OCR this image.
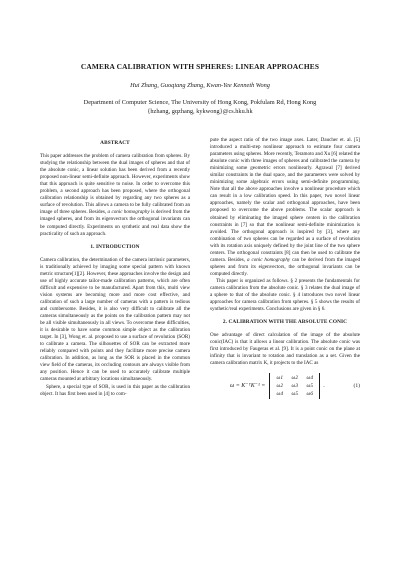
CAMERA CALIBRATION WITH SPHERES: LINEAR APPROACHES
Hui Zhang, Guoqiang Zhang, Kwan-Yee Kenneth Wong
Department of Computer Science, The University of Hong Kong, Pokfulam Rd, Hong Kong
{hzhang, gqzhang, kykwong}@cs.hku.hk
ABSTRACT

This paper addresses the problem of camera calibration from spheres. By studying the relationship between the dual images of spheres and that of the absolute conic, a linear solution has been derived from a recently proposed non-linear semi-definite approach. However, experiments show that this approach is quite sensitive to noise. In order to overcome this problem, a second approach has been proposed, where the orthogonal calibration relationship is obtained by regarding any two spheres as a surface of revolution. This allows a camera to be fully calibrated from an image of three spheres. Besides, a conic homography is derived from the imaged spheres, and from its eigenvectors the orthogonal invariants can be computed directly. Experiments on synthetic and real data show the practicality of such an approach.

1. INTRODUCTION

Camera calibration, the determination of the camera intrinsic parameters, is traditionally achieved by imaging some special pattern with known metric structure[1][2]. However, these approaches involve the design and use of highly accurate tailor-made calibration patterns, which are often difficult and expensive to be manufactured. Apart from this, multi view vision systems are becoming more and more cost effective, and calibration of such a large number of cameras with a pattern is tedious and cumbersome. Besides, it is also very difficult to calibrate all the cameras simultaneously as the points on the calibration pattern may not be all visible simultaneously in all views. To overcome these difficulties, it is desirable to have some common simple object as the calibration target. In [3], Wong et. al. proposed to use a surface of revolution (SOR) to calibrate a camera. The silhouettes of SOR can be extracted more reliably compared with points and they facilitate more precise camera calibration. In addition, as long as the SOR is placed in the common view field of the cameras, its occluding contours are always visible from any position. Hence it can be used to accurately calibrate multiple cameras mounted at arbitrary locations simultaneously.

Sphere, a special type of SOR, is used in this paper as the calibration object. It has first been used in [4] to com-

pute the aspect ratio of the two image axes. Later, Daucher et. al. [5] introduced a multi-step nonlinear approach to estimate four camera parameters using spheres. More recently, Teramoto and Xu [6] related the absolute conic with three images of spheres and calibrated the camera by minimizing some geometric errors nonlinearly. Agrawal [7] derived similar constraints in the dual space, and the parameters were solved by minimizing some algebraic errors using semi-definite programming. Note that all the above approaches involve a nonlinear procedure which can result in a low calibration speed. In this paper, two novel linear approaches, namely the scalar and orthogonal approaches, have been proposed to overcome the above problems. The scalar approach is obtained by eliminating the imaged sphere centers in the calibration constraints in [7] so that the nonlinear semi-definite minimization is avoided. The orthogonal approach is inspired by [3], where any combination of two spheres can be regarded as a surface of revolution with its rotation axis uniquely defined by the joint line of the two sphere centers. The orthogonal constraints [8] can then be used to calibrate the camera. Besides, a conic homography can be derived from the imaged spheres and from its eigenvectors, the orthogonal invariants can be computed directly.

This paper is organized as follows. § 2 presents the fundamentals for camera calibration from the absolute conic. § 3 relates the dual image of a sphere to that of the absolute conic. § 4 introduces two novel linear approaches for camera calibration from spheres. § 5 shows the results of synthetic/real experiments. Conclusions are given in § 6.

2. CALIBRATION WITH THE ABSOLUTE CONIC

One advantage of direct calculation of the image of the absolute conic(IAC) is that it allows a linear calibration. The absolute conic was first introduced by Faugeras et al. [9]. It is a point conic on the plane at infinity that is invariant to rotation and translation as a set. Given the camera calibration matrix K, it projects to the IAC as

ω = K⁻ᵀK⁻¹ =
ω1	ω2	ω4
ω2	ω3	ω5
ω4	ω5	ω6
.	(1)
